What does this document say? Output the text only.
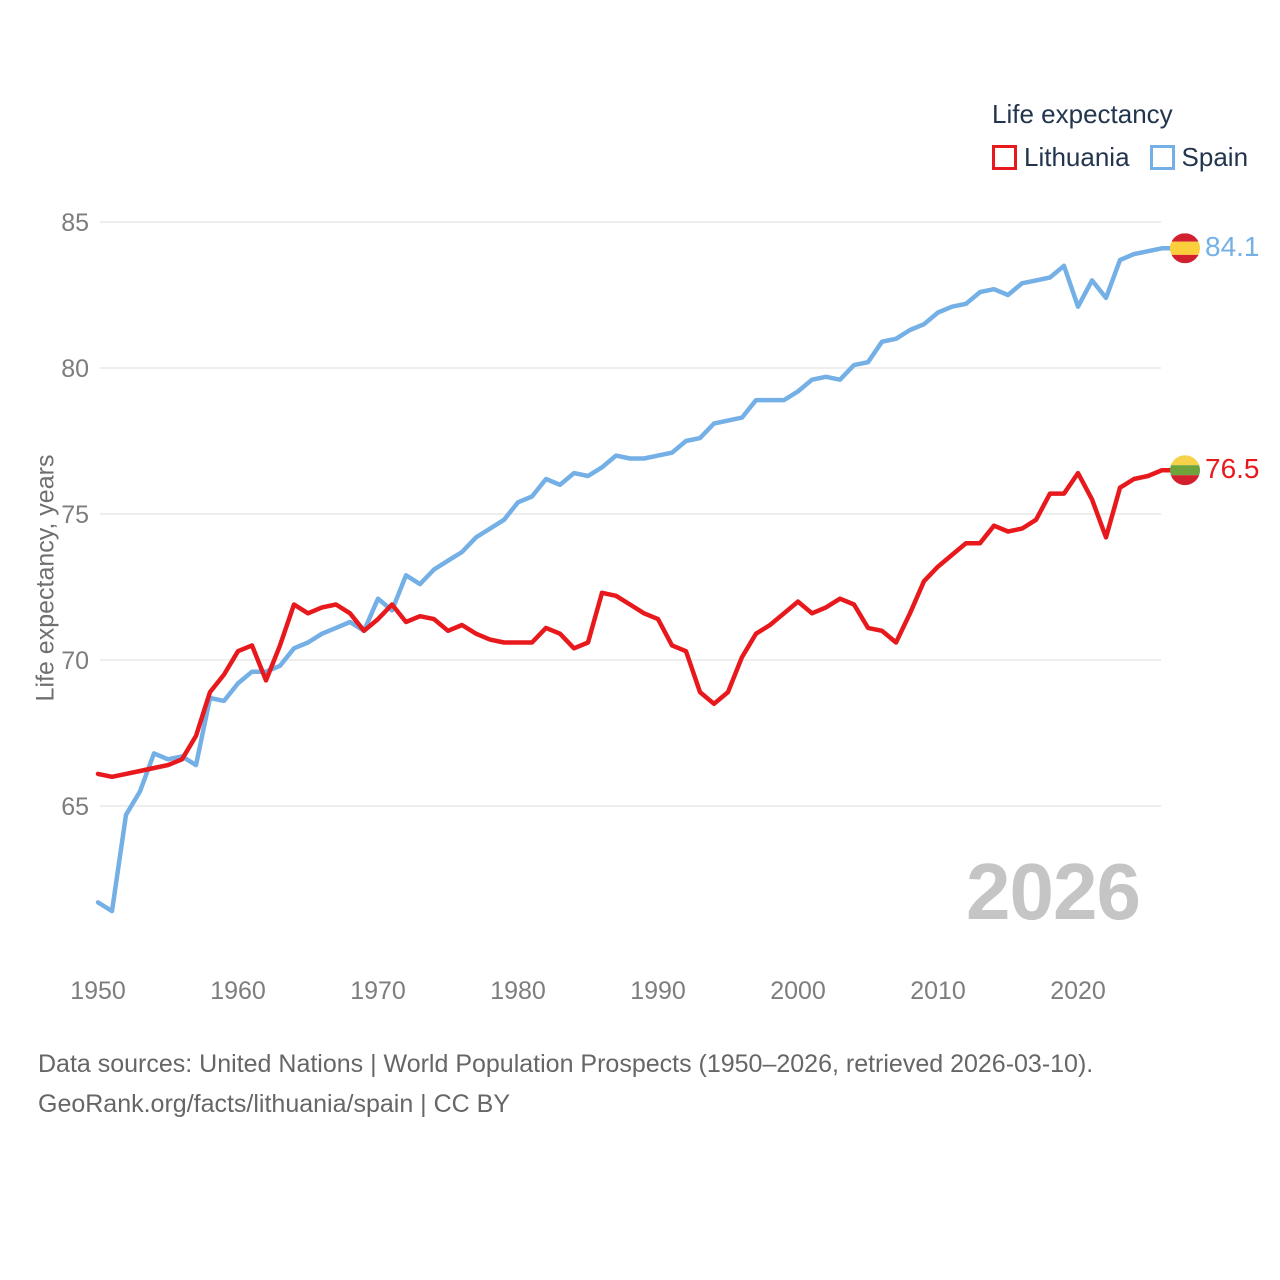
85
80
75
70
65
1950	1960	1970	1980	1990	2000	2010	2020
Life expectancy
Lithuania Spain
Life expectancy, years
2026
84.1
76.5
Data sources: United Nations | World Population Prospects (1950–2026, retrieved 2026-03-10).
GeoRank.org/facts/lithuania/spain | CC BY
